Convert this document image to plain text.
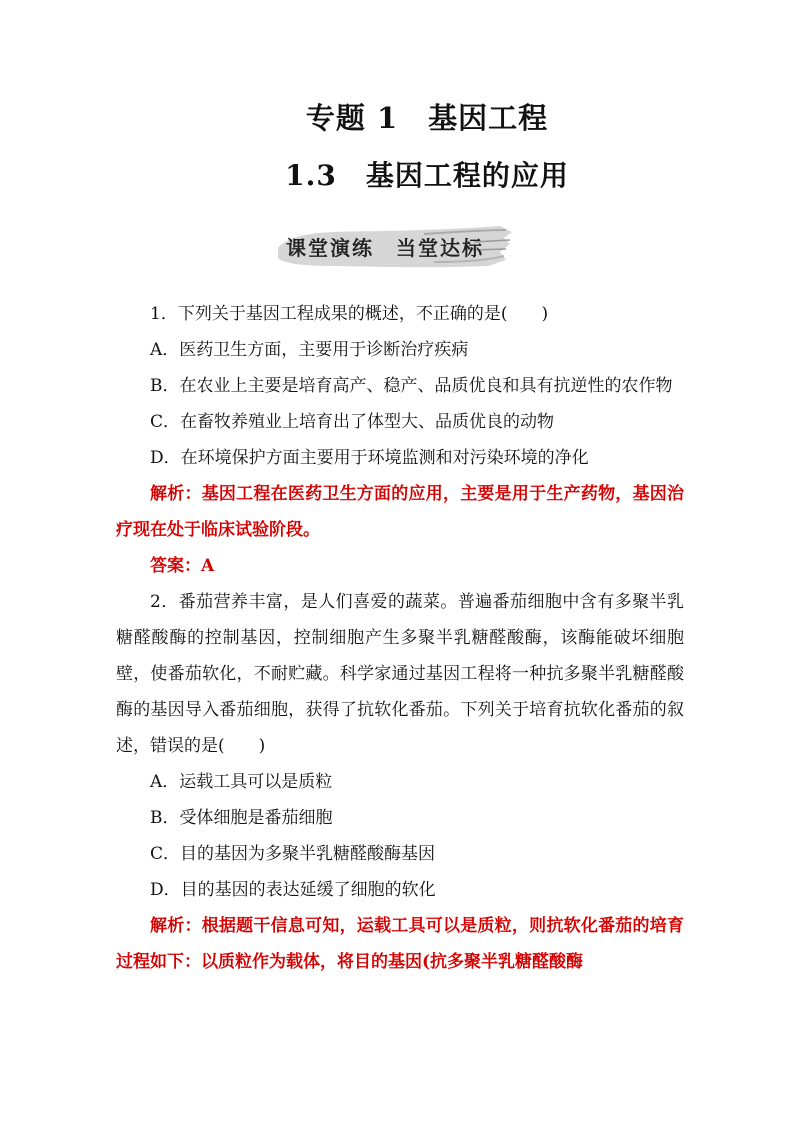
专题 1　基因工程
1.3　基因工程的应用
课堂演练　当堂达标

1．下列关于基因工程成果的概述，不正确的是( )

A．医药卫生方面，主要用于诊断治疗疾病

B．在农业上主要是培育高产、稳产、品质优良和具有抗逆性的农作物

C．在畜牧养殖业上培育出了体型大、品质优良的动物

D．在环境保护方面主要用于环境监测和对污染环境的净化

解析：基因工程在医药卫生方面的应用，主要是用于生产药物，基因治疗现在处于临床试验阶段。

答案：A

2．番茄营养丰富，是人们喜爱的蔬菜。普遍番茄细胞中含有多聚半乳糖醛酸酶的控制基因，控制细胞产生多聚半乳糖醛酸酶，该酶能破坏细胞壁，使番茄软化，不耐贮藏。科学家通过基因工程将一种抗多聚半乳糖醛酸酶的基因导入番茄细胞，获得了抗软化番茄。下列关于培育抗软化番茄的叙述，错误的是( )

A．运载工具可以是质粒

B．受体细胞是番茄细胞

C．目的基因为多聚半乳糖醛酸酶基因

D．目的基因的表达延缓了细胞的软化

解析：根据题干信息可知，运载工具可以是质粒，则抗软化番茄的培育过程如下：以质粒作为载体，将目的基因(抗多聚半乳糖醛酸酶
